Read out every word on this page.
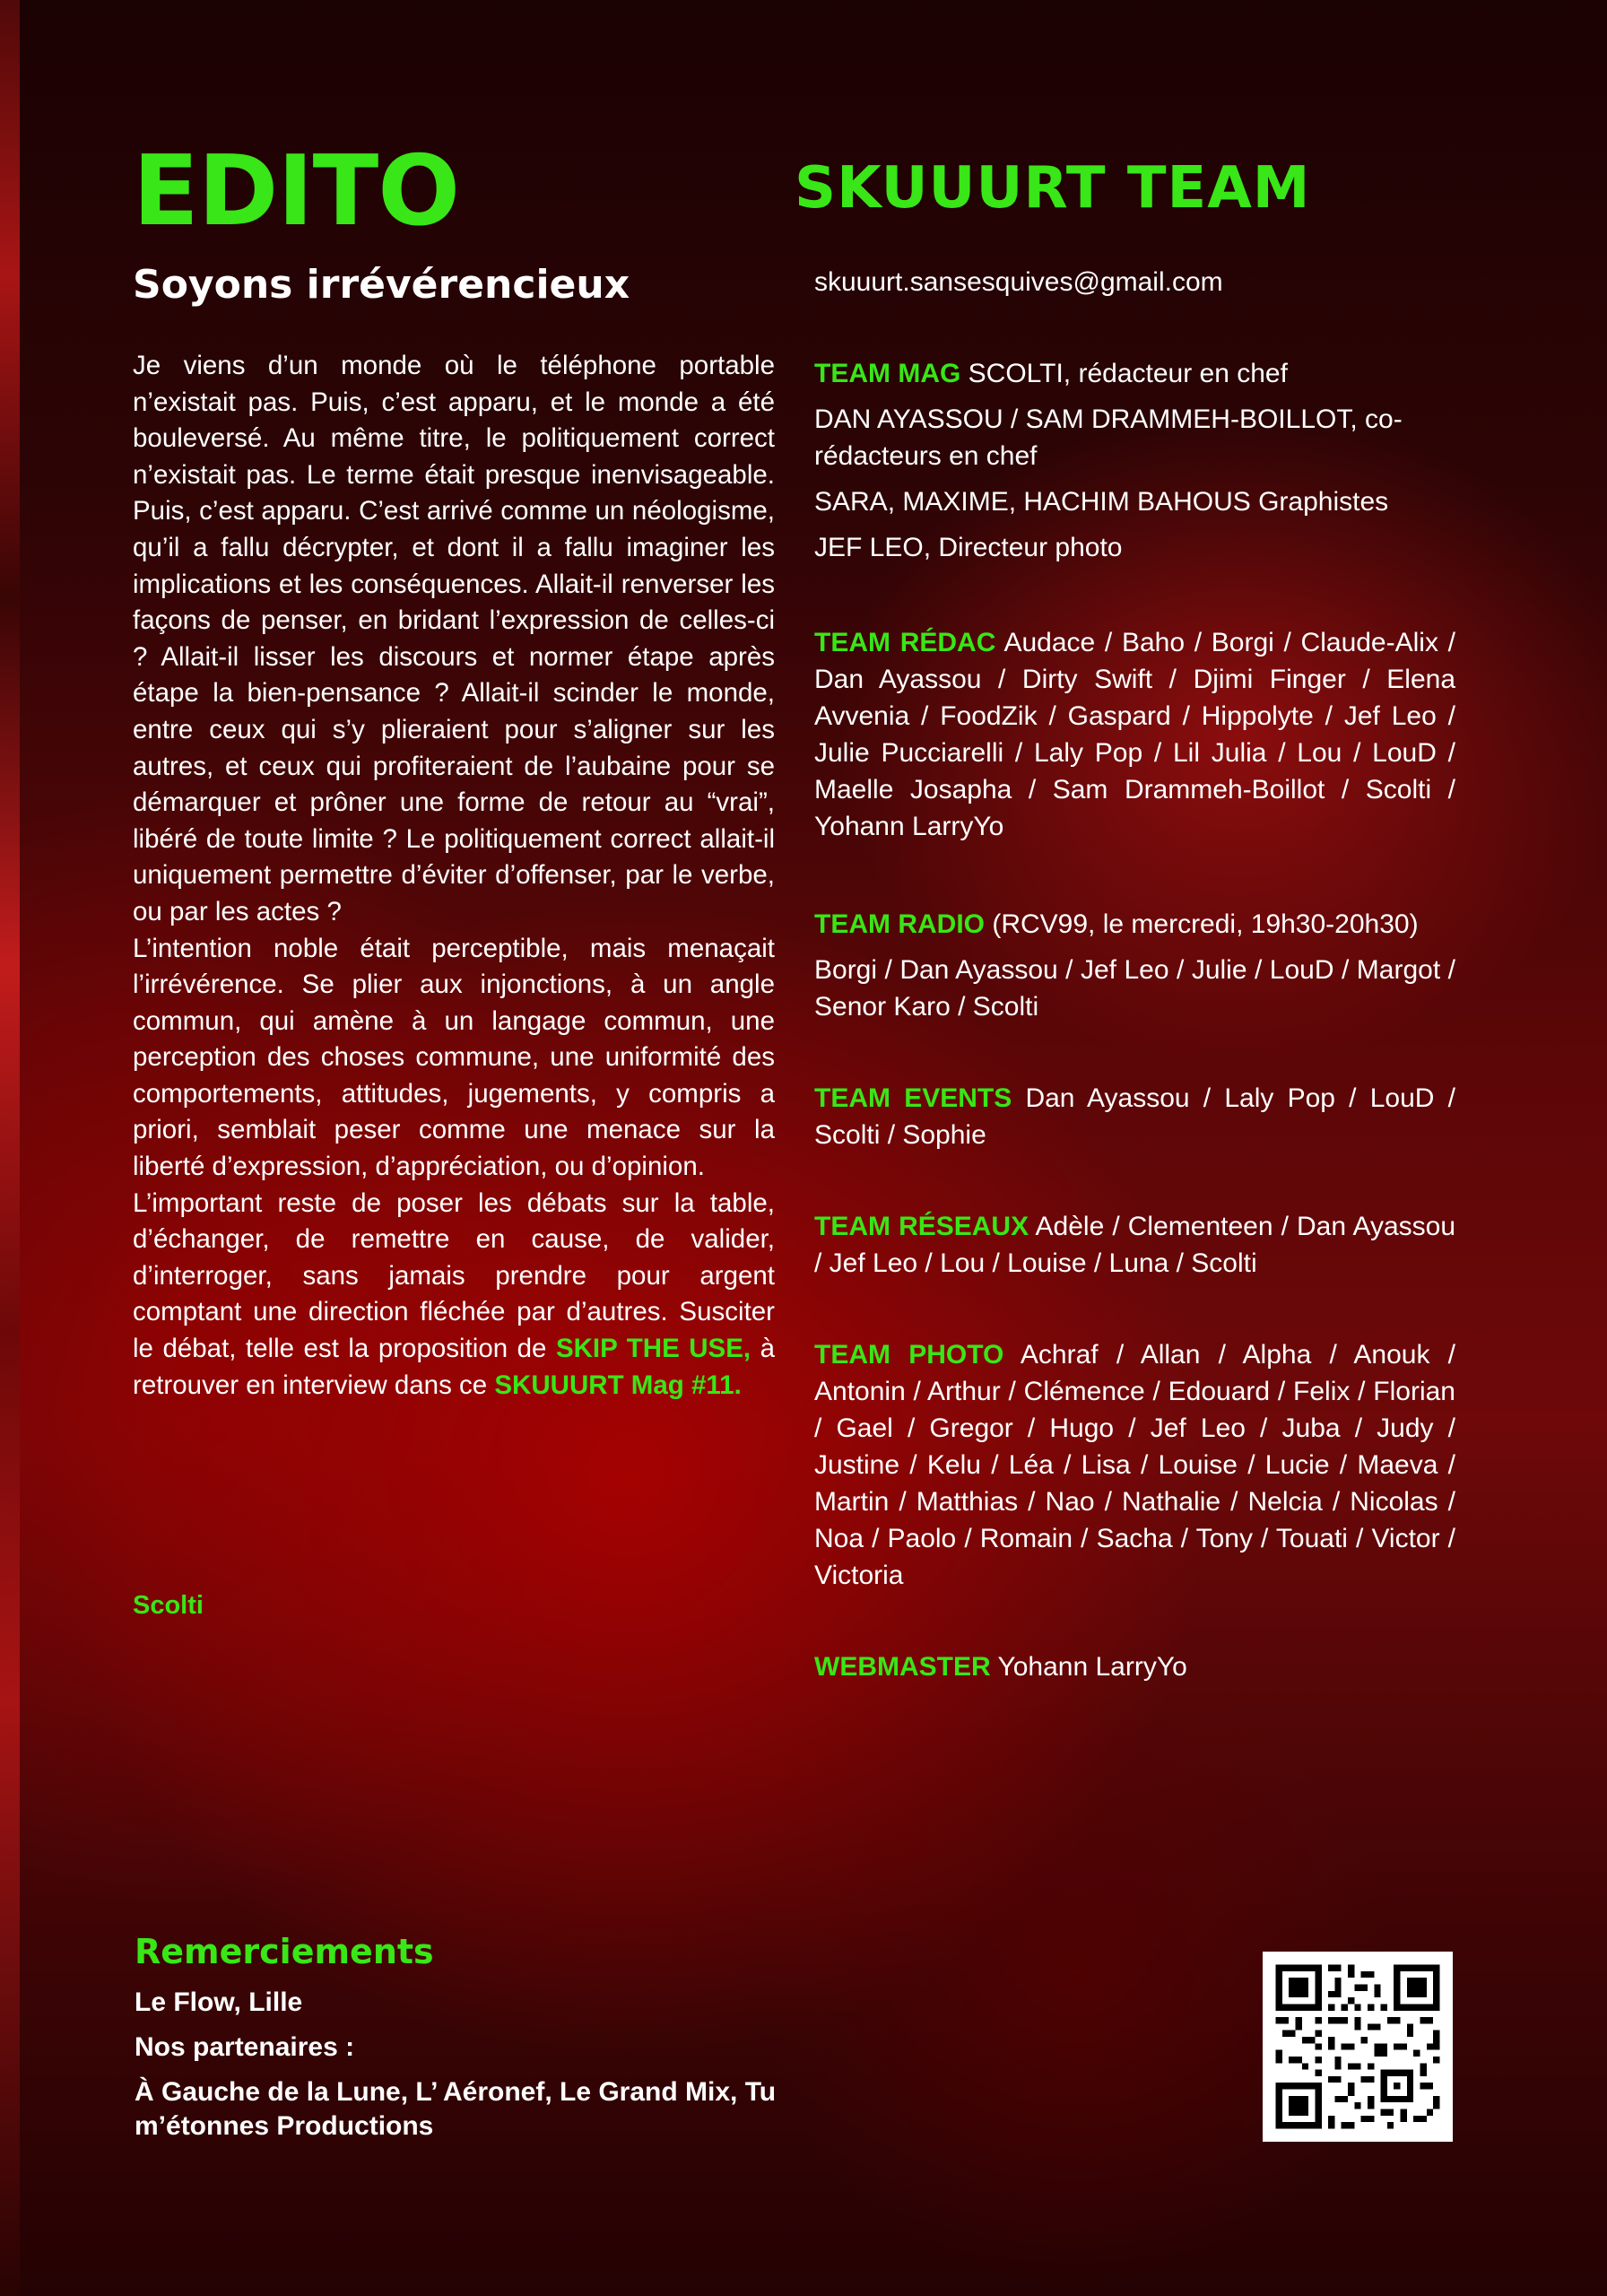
EDITO
Soyons irrévérencieux

Je viens d’un monde où le téléphone portable n’existait pas. Puis, c’est apparu, et le monde a été bouleversé. Au même titre, le politiquement correct n’existait pas. Le terme était presque inenvisageable. Puis, c’est apparu. C’est arrivé comme un néologisme, qu’il a fallu décrypter, et dont il a fallu imaginer les implications et les conséquences. Allait-il renverser les façons de penser, en bridant l’expression de celles-ci ? Allait-il lisser les discours et normer étape après étape la bien-pensance ? Allait-il scinder le monde, entre ceux qui s’y plieraient pour s’aligner sur les autres, et ceux qui profiteraient de l’aubaine pour se démarquer et prôner une forme de retour au “vrai”, libéré de toute limite ? Le politiquement correct allait-il uniquement permettre d’éviter d’offenser, par le verbe, ou par les actes ?

L’intention noble était perceptible, mais menaçait l’irrévérence. Se plier aux injonctions, à un angle commun, qui amène à un langage commun, une perception des choses commune, une uniformité des comportements, attitudes, jugements, y compris a priori, semblait peser comme une menace sur la liberté d’expression, d’appréciation, ou d’opinion.

L’important reste de poser les débats sur la table, d’échanger, de remettre en cause, de valider, d’interroger, sans jamais prendre pour argent comptant une direction fléchée par d’autres. Susciter le débat, telle est la proposition de SKIP THE USE, à retrouver en interview dans ce SKUUURT Mag #11.

Scolti
SKUUURT TEAM
skuuurt.sansesquives@gmail.com

TEAM MAG SCOLTI, rédacteur en chef

DAN AYASSOU / SAM DRAMMEH-BOILLOT, co-rédacteurs en chef

SARA, MAXIME, HACHIM BAHOUS Graphistes

JEF LEO, Directeur photo

TEAM RÉDAC Audace / Baho / Borgi / Claude-Alix / Dan Ayassou / Dirty Swift / Djimi Finger / Elena Avvenia / FoodZik / Gaspard / Hippolyte / Jef Leo / Julie Pucciarelli / Laly Pop / Lil Julia / Lou / LouD / Maelle Josapha / Sam Drammeh-Boillot / Scolti / Yohann LarryYo

TEAM RADIO (RCV99, le mercredi, 19h30-20h30)

Borgi / Dan Ayassou / Jef Leo / Julie / LouD / Margot / Senor Karo / Scolti

TEAM EVENTS Dan Ayassou / Laly Pop / LouD / Scolti / Sophie

TEAM RÉSEAUX Adèle / Clementeen / Dan Ayassou / Jef Leo / Lou / Louise / Luna / Scolti

TEAM PHOTO Achraf / Allan / Alpha / Anouk / Antonin / Arthur / Clémence / Edouard / Felix / Florian / Gael / Gregor / Hugo / Jef Leo / Juba / Judy / Justine / Kelu / Léa / Lisa / Louise / Lucie / Maeva / Martin / Matthias / Nao / Nathalie / Nelcia / Nicolas / Noa / Paolo / Romain / Sacha / Tony / Touati / Victor / Victoria

WEBMASTER Yohann LarryYo

Remerciements
Le Flow, Lille
Nos partenaires :
À Gauche de la Lune, L’ Aéronef, Le Grand Mix, Tu m’étonnes Productions
